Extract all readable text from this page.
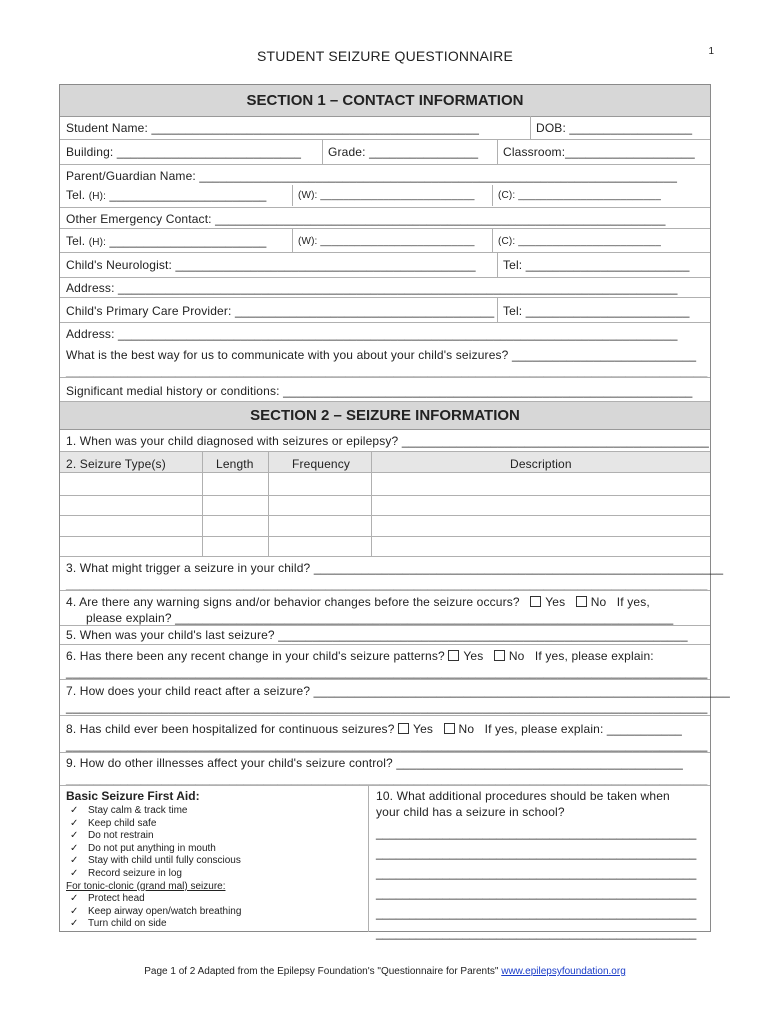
STUDENT SEIZURE QUESTIONNAIRE	1
SECTION 1 – CONTACT INFORMATION
Student Name: ________________________________________________	DOB: __________________
Building: ___________________________ Grade: ________________ Classroom:___________________
Parent/Guardian Name: ______________________________________________________________________
Tel. (H): _______________________	(W): ___________________________ (C): _________________________
Other Emergency Contact: __________________________________________________________________
Tel. (H): _______________________	(W): ___________________________ (C): _________________________
Child's Neurologist: ____________________________________________ Tel: ________________________
Address: __________________________________________________________________________________
Child's Primary Care Provider: ______________________________________ Tel: ________________________
Address: __________________________________________________________________________________
What is the best way for us to communicate with you about your child's seizures? ___________________________
______________________________________________________________________________________________
Significant medial history or conditions: ____________________________________________________________
SECTION 2 – SEIZURE INFORMATION
1. When was your child diagnosed with seizures or epilepsy? _____________________________________________
2. Seizure Type(s)	Length	Frequency	Description
3. What might trigger a seizure in your child? ____________________________________________________________
______________________________________________________________________________________________
4. Are there any warning signs and/or behavior changes before the seizure occurs? Yes No If yes,
please explain? _________________________________________________________________________
5. When was your child's last seizure? ____________________________________________________________
6. Has there been any recent change in your child's seizure patterns? Yes No If yes, please explain:
______________________________________________________________________________________________
7. How does your child react after a seizure? _____________________________________________________________
______________________________________________________________________________________________
8. Has child ever been hospitalized for continuous seizures? Yes No If yes, please explain: ___________
______________________________________________________________________________________________
9. How do other illnesses affect your child's seizure control? __________________________________________
______________________________________________________________________________________________
Basic Seizure First Aid:
✓ Stay calm & track time
✓ Keep child safe
✓ Do not restrain
✓ Do not put anything in mouth
✓ Stay with child until fully conscious
✓ Record seizure in log
For tonic-clonic (grand mal) seizure:
✓ Protect head
✓ Keep airway open/watch breathing
✓ Turn child on side
10. What additional procedures should be taken when
your child has a seizure in school?
________________________________________________
________________________________________________
________________________________________________
________________________________________________
________________________________________________
________________________________________________
Page 1 of 2 Adapted from the Epilepsy Foundation's "Questionnaire for Parents" www.epilepsyfoundation.org
